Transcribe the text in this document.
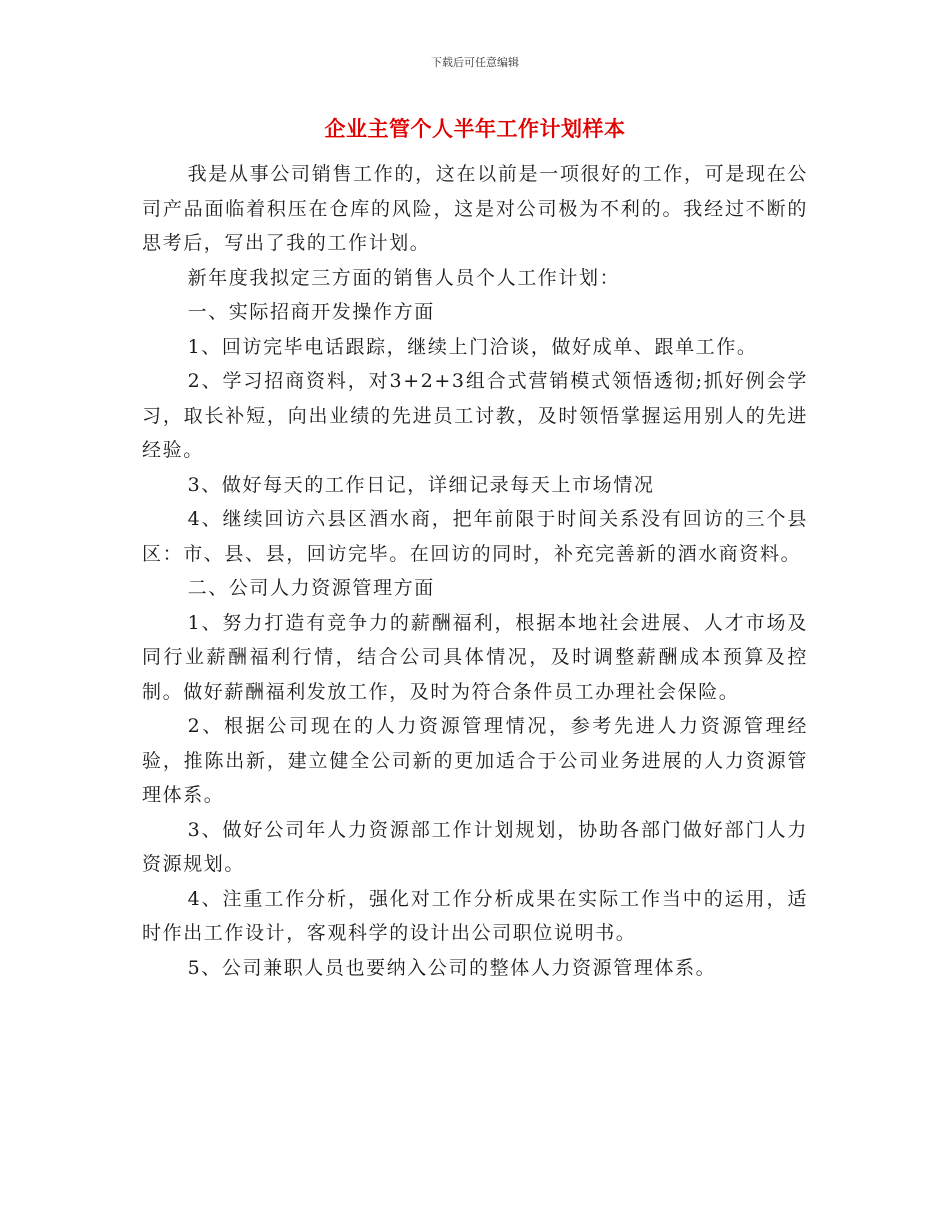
下载后可任意编辑
企业主管个人半年工作计划样本

我是从事公司销售工作的，这在以前是一项很好的工作，可是现在公司产品面临着积压在仓库的风险，这是对公司极为不利的。我经过不断的思考后，写出了我的工作计划。

新年度我拟定三方面的销售人员个人工作计划：

一、实际招商开发操作方面

1、回访完毕电话跟踪，继续上门洽谈，做好成单、跟单工作。

2、学习招商资料，对3+2+3组合式营销模式领悟透彻;抓好例会学习，取长补短，向出业绩的先进员工讨教，及时领悟掌握运用别人的先进经验。

3、做好每天的工作日记，详细记录每天上市场情况

4、继续回访六县区酒水商，把年前限于时间关系没有回访的三个县区：市、县、县，回访完毕。在回访的同时，补充完善新的酒水商资料。

二、公司人力资源管理方面

1、努力打造有竞争力的薪酬福利，根据本地社会进展、人才市场及同行业薪酬福利行情，结合公司具体情况，及时调整薪酬成本预算及控制。做好薪酬福利发放工作，及时为符合条件员工办理社会保险。

2、根据公司现在的人力资源管理情况，参考先进人力资源管理经验，推陈出新，建立健全公司新的更加适合于公司业务进展的人力资源管理体系。

3、做好公司年人力资源部工作计划规划，协助各部门做好部门人力资源规划。

4、注重工作分析，强化对工作分析成果在实际工作当中的运用，适时作出工作设计，客观科学的设计出公司职位说明书。

5、公司兼职人员也要纳入公司的整体人力资源管理体系。
